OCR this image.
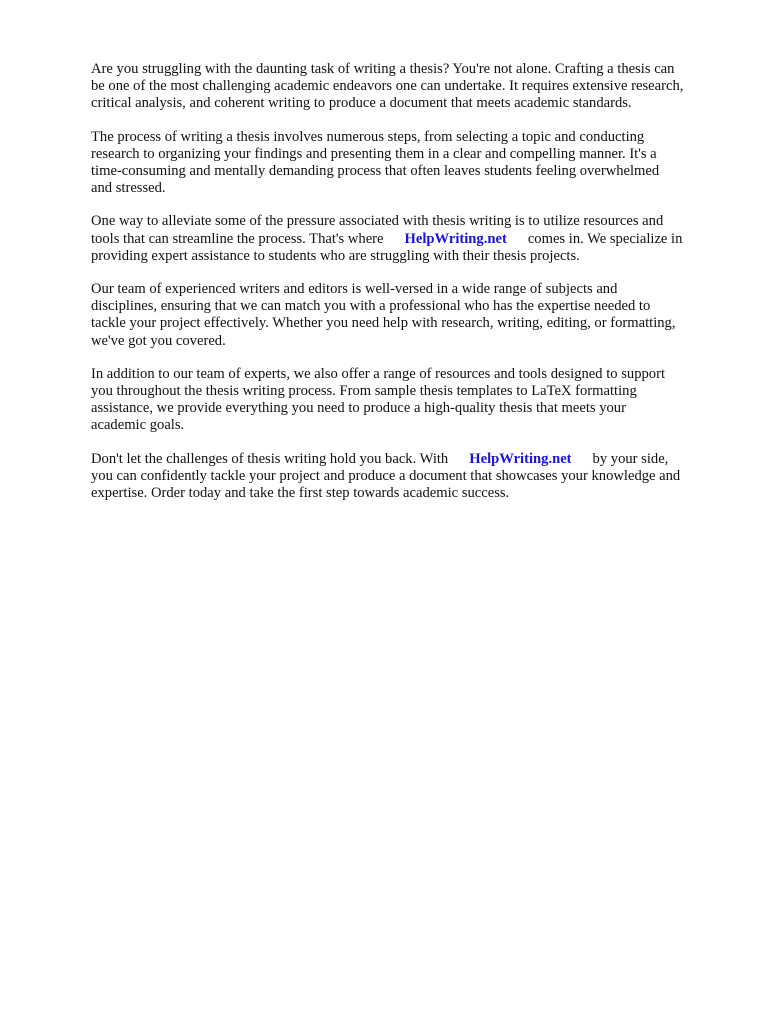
Are you struggling with the daunting task of writing a thesis? You're not alone. Crafting a thesis can
be one of the most challenging academic endeavors one can undertake. It requires extensive research,
critical analysis, and coherent writing to produce a document that meets academic standards.

The process of writing a thesis involves numerous steps, from selecting a topic and conducting
research to organizing your findings and presenting them in a clear and compelling manner. It's a
time-consuming and mentally demanding process that often leaves students feeling overwhelmed
and stressed.

One way to alleviate some of the pressure associated with thesis writing is to utilize resources and
tools that can streamline the process. That's where HelpWriting.net comes in. We specialize in
providing expert assistance to students who are struggling with their thesis projects.

Our team of experienced writers and editors is well-versed in a wide range of subjects and
disciplines, ensuring that we can match you with a professional who has the expertise needed to
tackle your project effectively. Whether you need help with research, writing, editing, or formatting,
we've got you covered.

In addition to our team of experts, we also offer a range of resources and tools designed to support
you throughout the thesis writing process. From sample thesis templates to LaTeX formatting
assistance, we provide everything you need to produce a high-quality thesis that meets your
academic goals.

Don't let the challenges of thesis writing hold you back. With HelpWriting.net by your side,
you can confidently tackle your project and produce a document that showcases your knowledge and
expertise. Order today and take the first step towards academic success.
